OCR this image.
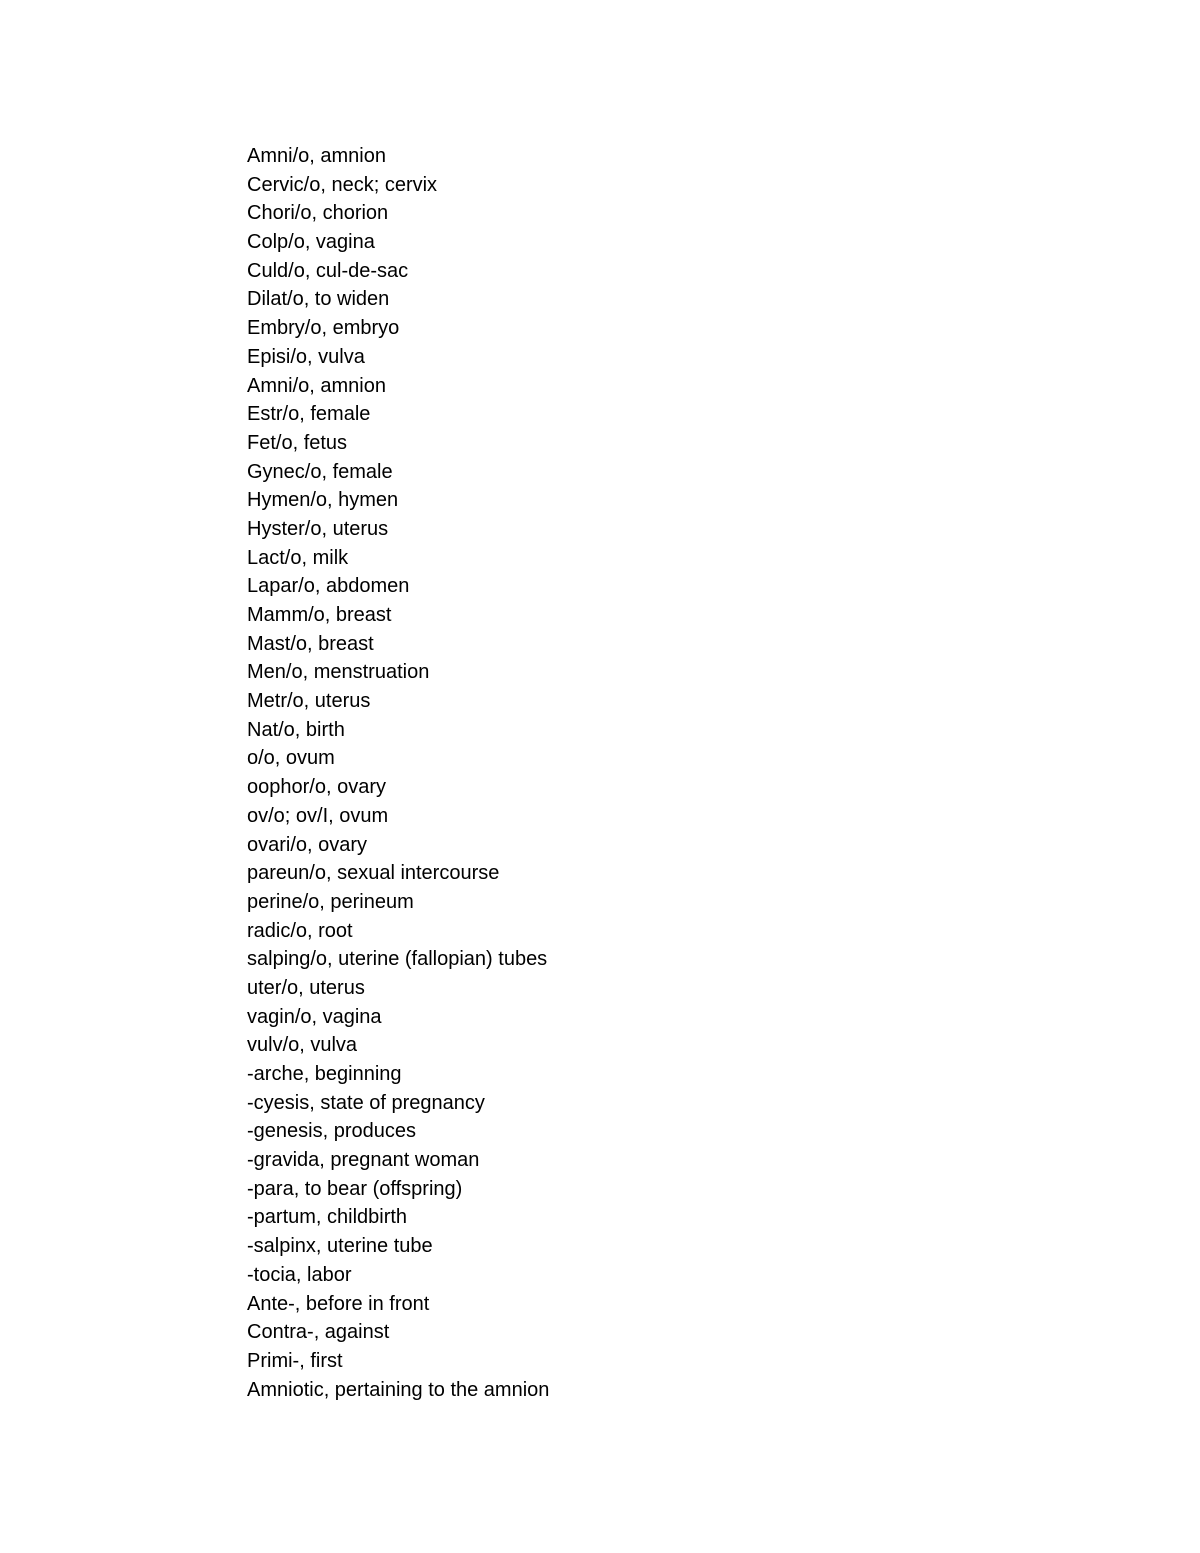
Amni/o, amnion
Cervic/o, neck; cervix
Chori/o, chorion
Colp/o, vagina
Culd/o, cul-de-sac
Dilat/o, to widen
Embry/o, embryo
Episi/o, vulva
Amni/o, amnion
Estr/o, female
Fet/o, fetus
Gynec/o, female
Hymen/o, hymen
Hyster/o, uterus
Lact/o, milk
Lapar/o, abdomen
Mamm/o, breast
Mast/o, breast
Men/o, menstruation
Metr/o, uterus
Nat/o, birth
o/o, ovum
oophor/o, ovary
ov/o; ov/I, ovum
ovari/o, ovary
pareun/o, sexual intercourse
perine/o, perineum
radic/o, root
salping/o, uterine (fallopian) tubes
uter/o, uterus
vagin/o, vagina
vulv/o, vulva
-arche, beginning
-cyesis, state of pregnancy
-genesis, produces
-gravida, pregnant woman
-para, to bear (offspring)
-partum, childbirth
-salpinx, uterine tube
-tocia, labor
Ante-, before in front
Contra-, against
Primi-, first
Amniotic, pertaining to the amnion
